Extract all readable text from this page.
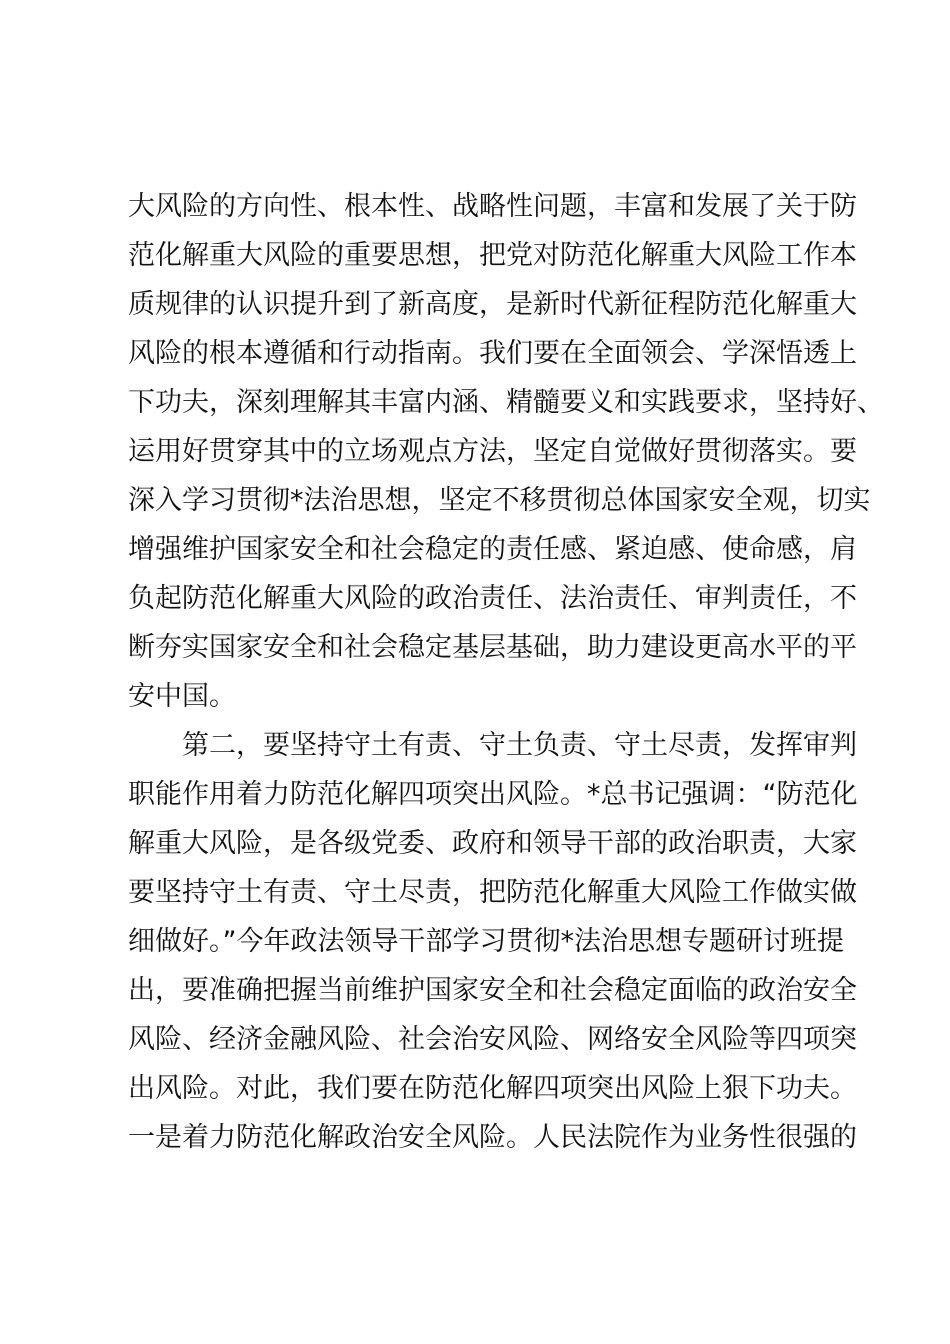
大风险的方向性、根本性、战略性问题，丰富和发展了关于防
范化解重大风险的重要思想，把党对防范化解重大风险工作本
质规律的认识提升到了新高度，是新时代新征程防范化解重大
风险的根本遵循和行动指南。我们要在全面领会、学深悟透上
下功夫，深刻理解其丰富内涵、精髓要义和实践要求，坚持好、
运用好贯穿其中的立场观点方法，坚定自觉做好贯彻落实。要
深入学习贯彻*法治思想，坚定不移贯彻总体国家安全观，切实
增强维护国家安全和社会稳定的责任感、紧迫感、使命感，肩
负起防范化解重大风险的政治责任、法治责任、审判责任，不
断夯实国家安全和社会稳定基层基础，助力建设更高水平的平
安中国。
第二，要坚持守土有责、守土负责、守土尽责，发挥审判
职能作用着力防范化解四项突出风险。*总书记强调：“防范化
解重大风险，是各级党委、政府和领导干部的政治职责，大家
要坚持守土有责、守土尽责，把防范化解重大风险工作做实做
细做好。”今年政法领导干部学习贯彻*法治思想专题研讨班提
出，要准确把握当前维护国家安全和社会稳定面临的政治安全
风险、经济金融风险、社会治安风险、网络安全风险等四项突
出风险。对此，我们要在防范化解四项突出风险上狠下功夫。
一是着力防范化解政治安全风险。人民法院作为业务性很强的
